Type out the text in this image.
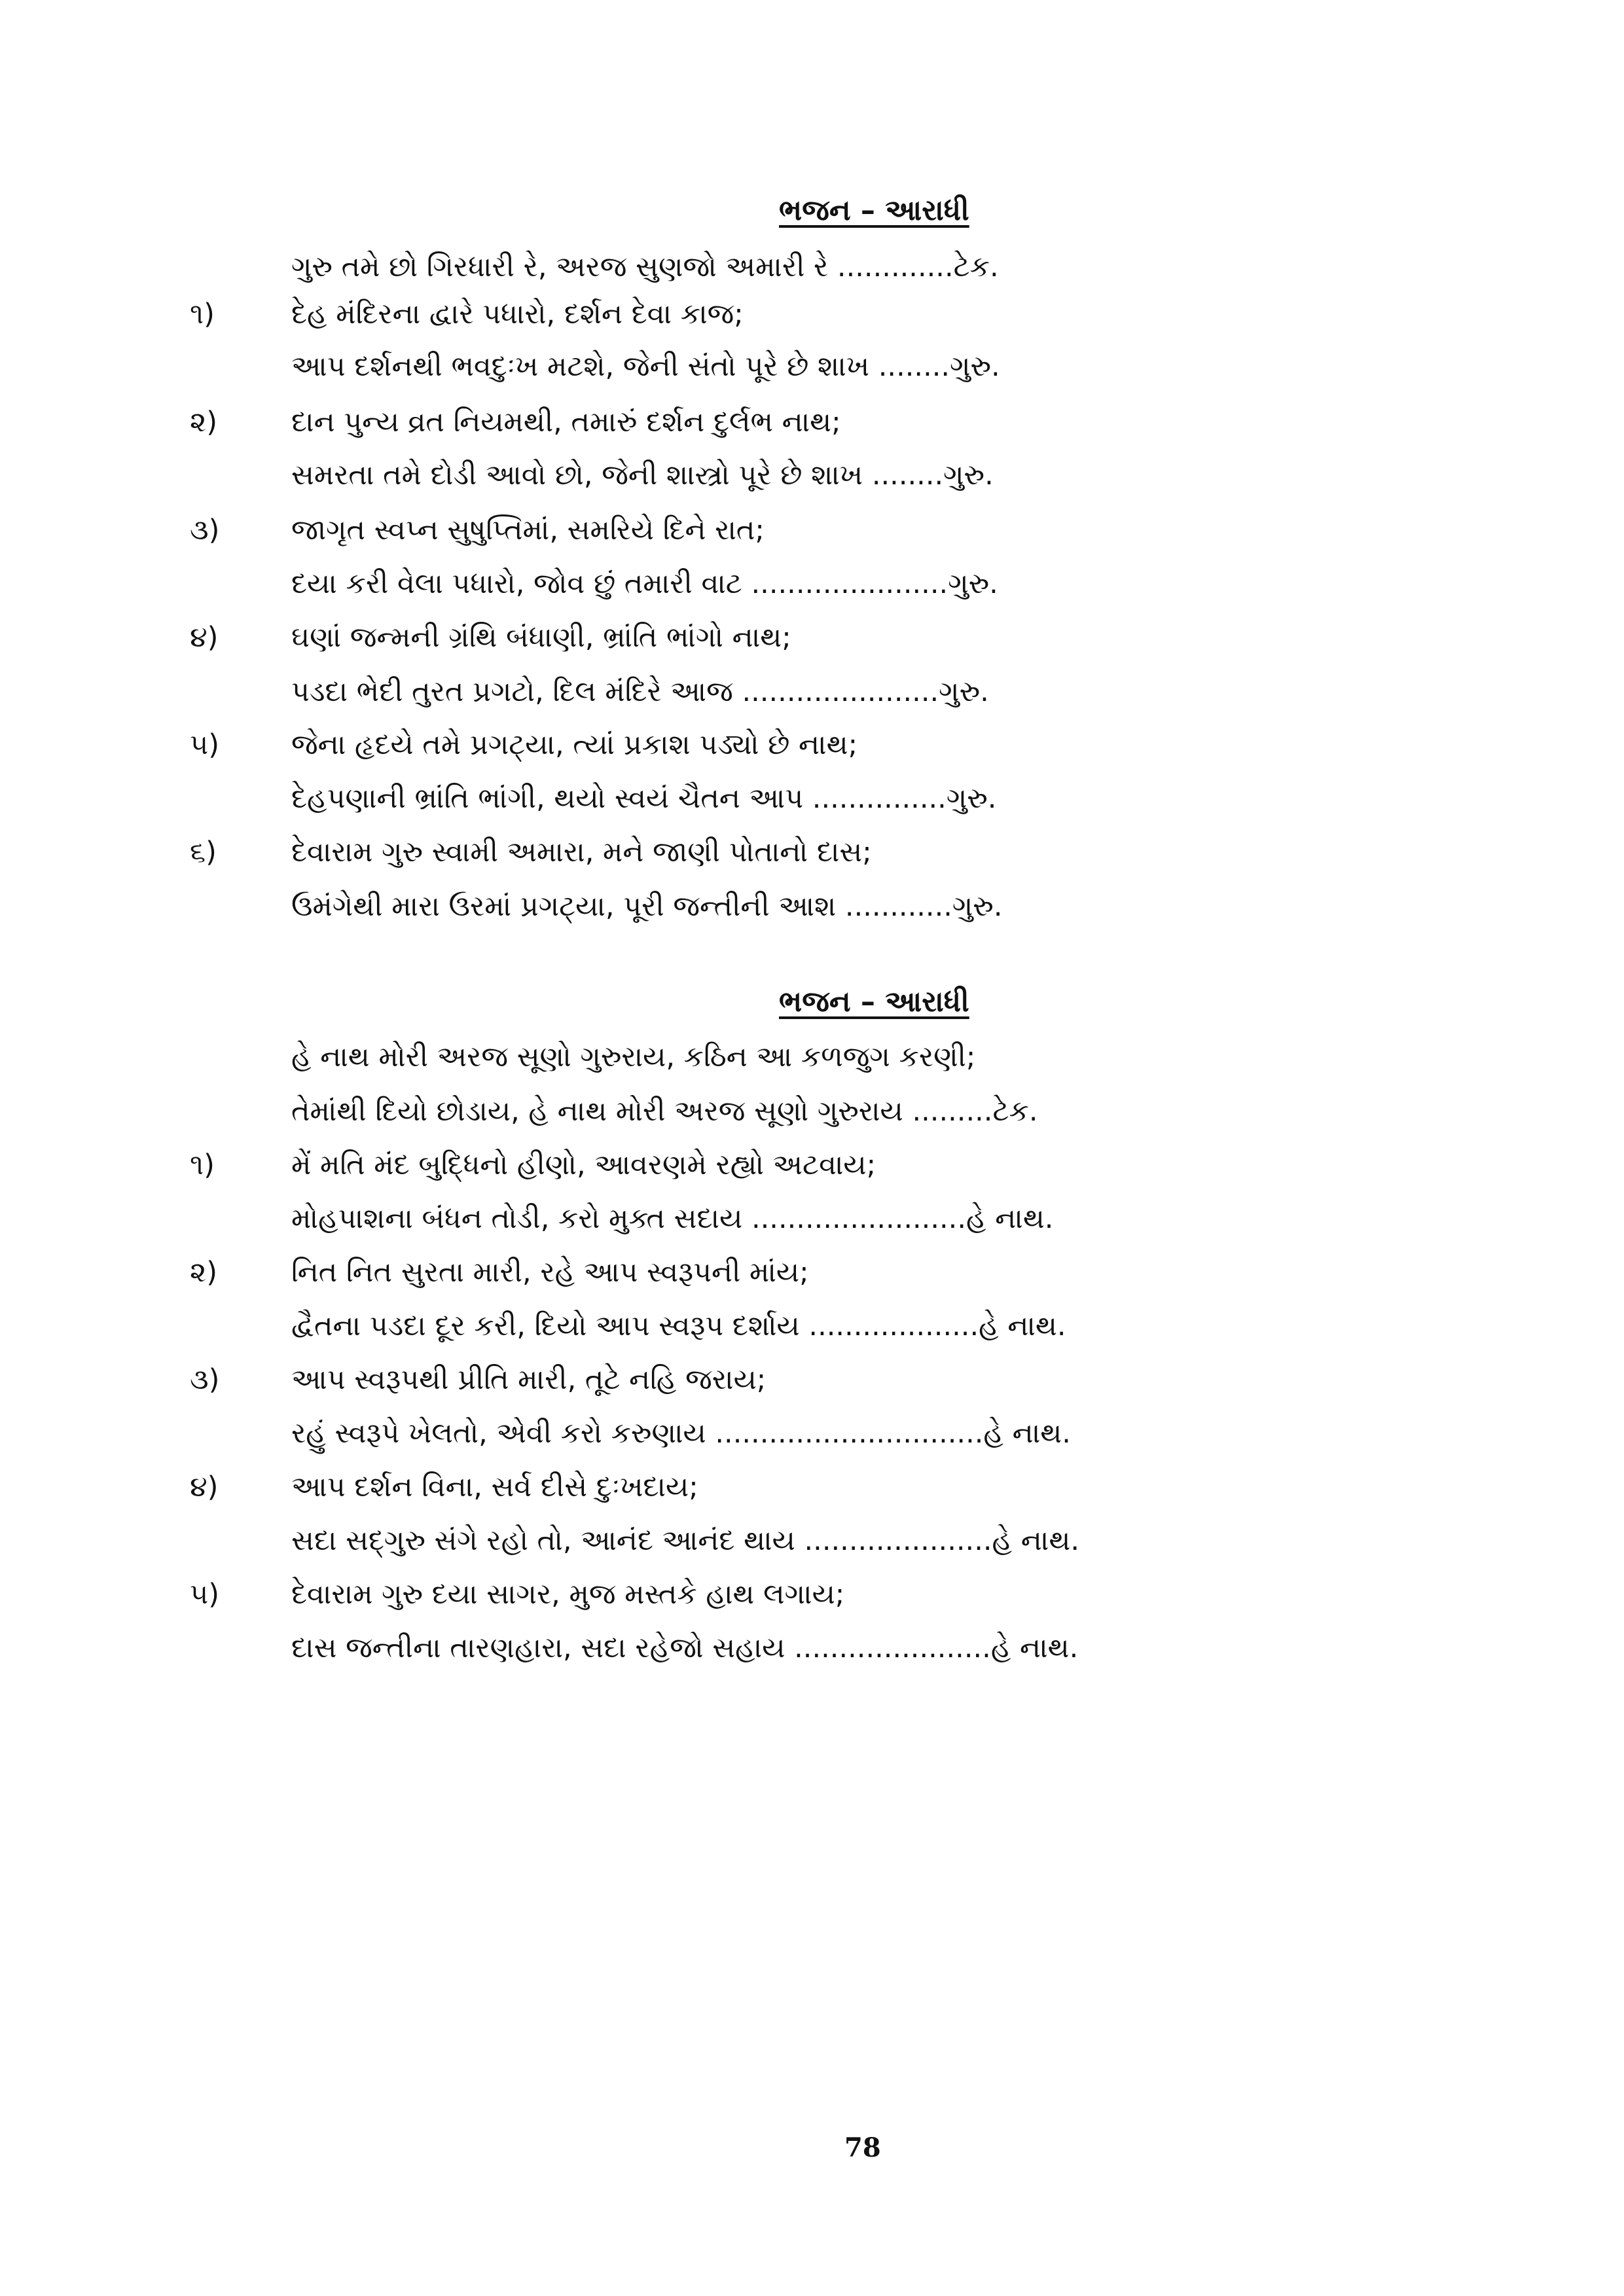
ભજન – આરાધી
ગુરુ તમે છો ગિરધારી રે, અરજ સુણજો અમારી રે .............ટેક.
૧)	દેહ મંદિરના દ્વારે પધારો, દર્શન દેવા કાજ;
આપ દર્શનથી ભવદુઃખ મટશે, જેની સંતો પૂરે છે શાખ ........ગુરુ.
૨)	દાન પુન્ય વ્રત નિયમથી, તમારું દર્શન દુર્લભ નાથ;
સમરતા તમે દોડી આવો છો, જેની શાસ્ત્રો પૂરે છે શાખ ........ગુરુ.
૩)	જાગૃત સ્વપ્ન સુષુપ્તિમાં, સમરિયે દિને રાત;
દયા કરી વેલા પધારો, જોવ છું તમારી વાટ ......................ગુરુ.
૪)	ઘણાં જન્મની ગ્રંથિ બંધાણી, ભ્રાંતિ ભાંગો નાથ;
પડદા ભેદી તુરત પ્રગટો, દિલ મંદિરે આજ ......................ગુરુ.
૫)	જેના હૃદયે તમે પ્રગટ્યા, ત્યાં પ્રકાશ પડ્યો છે નાથ;
દેહપણાની ભ્રાંતિ ભાંગી, થયો સ્વયં ચૈતન આપ ...............ગુરુ.
૬)	દેવારામ ગુરુ સ્વામી અમારા, મને જાણી પોતાનો દાસ;
ઉમંગેથી મારા ઉરમાં પ્રગટ્યા, પૂરી જન્તીની આશ ............ગુરુ.
ભજન – આરાધી
હે નાથ મોરી અરજ સૂણો ગુરુરાય, કઠિન આ કળજુગ કરણી;
તેમાંથી દિયો છોડાય, હે નાથ મોરી અરજ સૂણો ગુરુરાય .........ટેક.
૧)	મેં મતિ મંદ બુદ્ધિનો હીણો, આવરણમે રહ્યો અટવાય;
મોહપાશના બંધન તોડી, કરો મુક્ત સદાય ........................હે નાથ.
૨)	નિત નિત સુરતા મારી, રહે આપ સ્વરૂપની માંય;
દ્વૈતના પડદા દૂર કરી, દિયો આપ સ્વરૂપ દર્શાય ...................હે નાથ.
૩)	આપ સ્વરૂપથી પ્રીતિ મારી, તૂટે નહિ જરાય;
રહું સ્વરૂપે ખેલતો, એવી કરો કરુણાય ..............................હે નાથ.
૪)	આપ દર્શન વિના, સર્વ દીસે દુઃખદાય;
સદા સદ્‌ગુરુ સંગે રહો તો, આનંદ આનંદ થાય .....................હે નાથ.
૫)	દેવારામ ગુરુ દયા સાગર, મુજ મસ્તકે હાથ લગાય;
દાસ જન્તીના તારણહારા, સદા રહેજો સહાય ......................હે નાથ.
78
